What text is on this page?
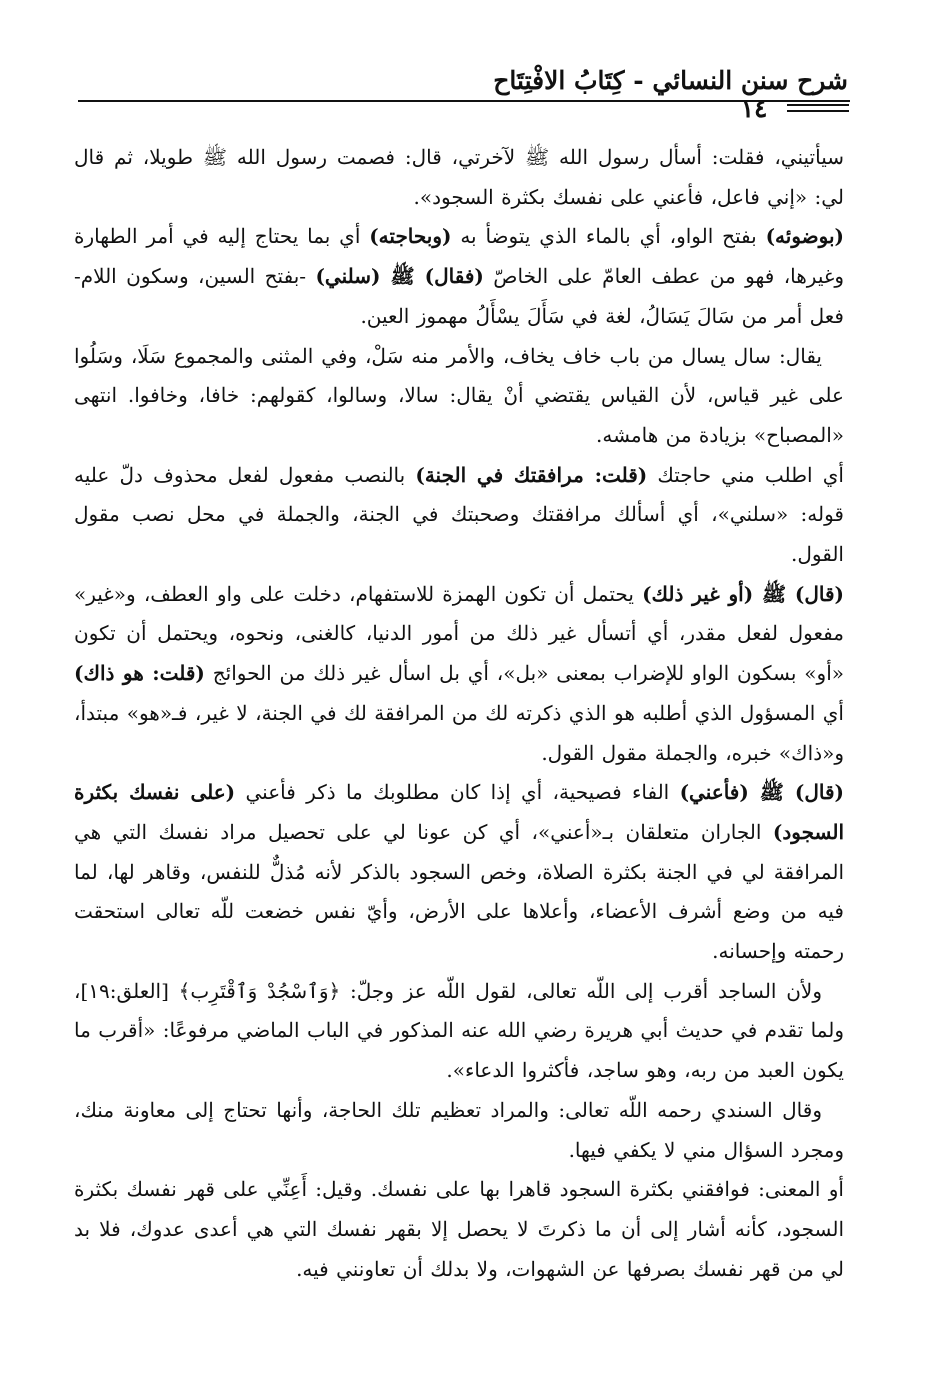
شرح سنن النسائي - كِتَابُ الافْتِتَاح
١٤

سيأتيني، فقلت: أسأل رسول الله ﷺ لآخرتي، قال: فصمت رسول الله ﷺ طويلا، ثم قال لي: «إني فاعل، فأعني على نفسك بكثرة السجود».

(بوضوئه) بفتح الواو، أي بالماء الذي يتوضأ به (وبحاجته) أي بما يحتاج إليه في أمر الطهارة وغيرها، فهو من عطف العامّ على الخاصّ (فقال) ﷺ (سلني) -بفتح السين، وسكون اللام- فعل أمر من سَالَ يَسَالُ، لغة في سَأَلَ يسْأَلُ مهموز العين.

يقال: سال يسال من باب خاف يخاف، والأمر منه سَلْ، وفي المثنى والمجموع سَلَا، وسَلُوا على غير قياس، لأن القياس يقتضي أنْ يقال: سالا، وسالوا، كقولهم: خافا، وخافوا. انتهى «المصباح» بزيادة من هامشه.

أي اطلب مني حاجتك (قلت: مرافقتك في الجنة) بالنصب مفعول لفعل محذوف دلّ عليه قوله: «سلني»، أي أسألك مرافقتك وصحبتك في الجنة، والجملة في محل نصب مقول القول.

(قال) ﷺ (أو غير ذلك) يحتمل أن تكون الهمزة للاستفهام، دخلت على واو العطف، و«غير» مفعول لفعل مقدر، أي أتسأل غير ذلك من أمور الدنيا، كالغنى، ونحوه، ويحتمل أن تكون «أو» بسكون الواو للإضراب بمعنى «بل»، أي بل اسأل غير ذلك من الحوائج (قلت: هو ذاك) أي المسؤول الذي أطلبه هو الذي ذكرته لك من المرافقة لك في الجنة، لا غير، فـ«هو» مبتدأ، و«ذاك» خبره، والجملة مقول القول.

(قال) ﷺ (فأعني) الفاء فصيحية، أي إذا كان مطلوبك ما ذكر فأعني (على نفسك بكثرة السجود) الجاران متعلقان بـ«أعني»، أي كن عونا لي على تحصيل مراد نفسك التي هي المرافقة لي في الجنة بكثرة الصلاة، وخص السجود بالذكر لأنه مُذلٌّ للنفس، وقاهر لها، لما فيه من وضع أشرف الأعضاء، وأعلاها على الأرض، وأيّ نفس خضعت للّه تعالى استحقت رحمته وإحسانه.

ولأن الساجد أقرب إلى اللّه تعالى، لقول اللّه عز وجلّ: ﴿وَٱسْجُدْ وَٱقْتَرِب﴾ [العلق:١٩]، ولما تقدم في حديث أبي هريرة رضي الله عنه المذكور في الباب الماضي مرفوعًا: «أقرب ما يكون العبد من ربه، وهو ساجد، فأكثروا الدعاء».

وقال السندي رحمه اللّه تعالى: والمراد تعظيم تلك الحاجة، وأنها تحتاج إلى معاونة منك، ومجرد السؤال مني لا يكفي فيها.

أو المعنى: فوافقني بكثرة السجود قاهرا بها على نفسك. وقيل: أَعِنِّي على قهر نفسك بكثرة السجود، كأنه أشار إلى أن ما ذكرتَ لا يحصل إلا بقهر نفسك التي هي أعدى عدوك، فلا بد لي من قهر نفسك بصرفها عن الشهوات، ولا بدلك أن تعاونني فيه.
